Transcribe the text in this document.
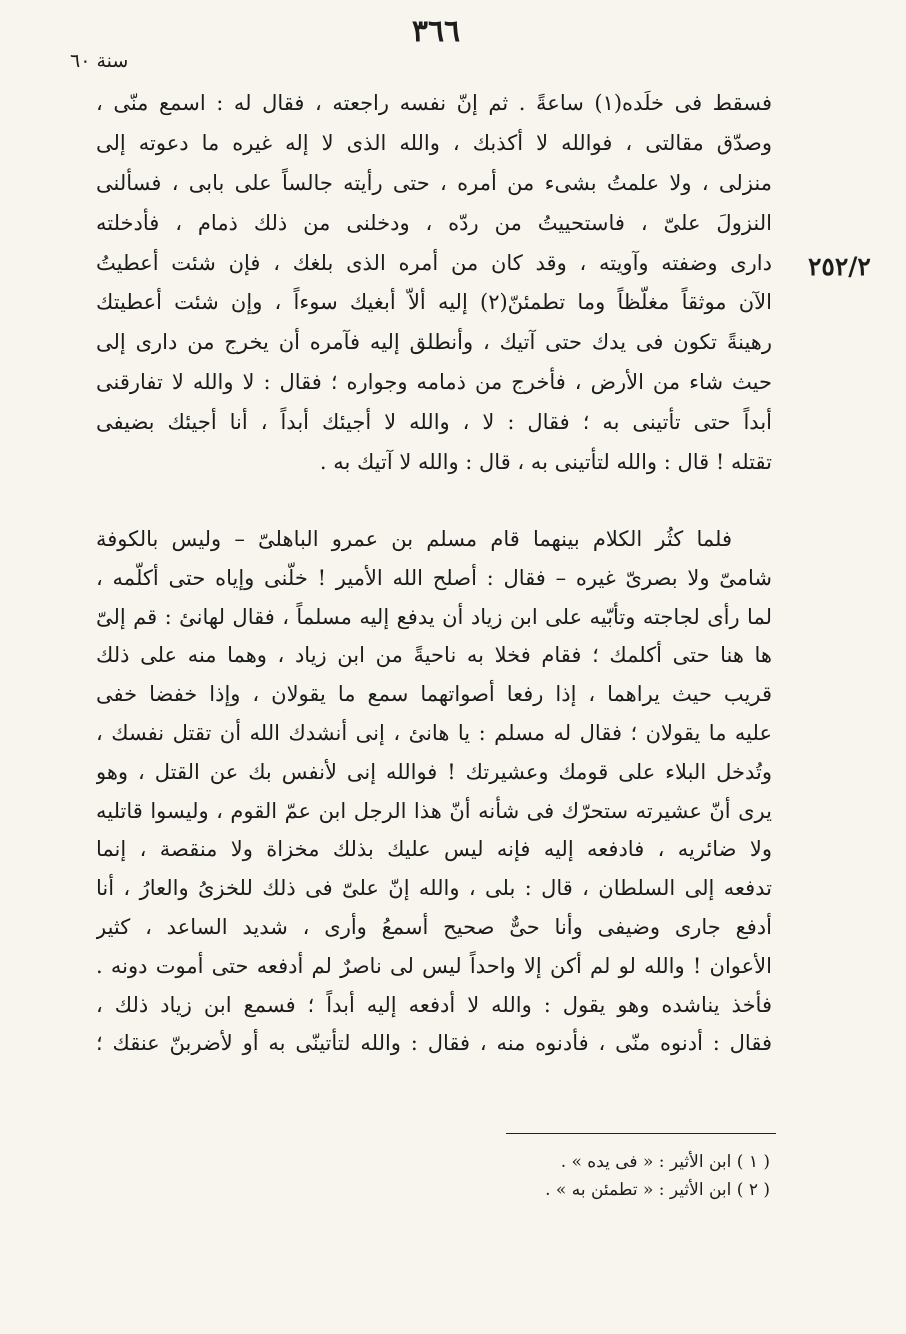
٣٦٦
سنة ٦٠
٢٥٢/٢
فسقط فى خلَده(١) ساعةً . ثم إنّ نفسه راجعته ، فقال له : اسمع منّى ،
وصدّق مقالتى ، فوالله لا أكذبك ، والله الذى لا إله غيره ما دعوته إلى
منزلى ، ولا علمتُ بشىء من أمره ، حتى رأيته جالساً على بابى ، فسألنى
النزولَ علىّ ، فاستحييتُ من ردّه ، ودخلنى من ذلك ذمام ، فأدخلته
دارى وضفته وآويته ، وقد كان من أمره الذى بلغك ، فإن شئت أعطيتُ
الآن موثقاً مغلّظاً وما تطمئنّ(٢) إليه ألاّ أبغيك سوءاً ، وإن شئت أعطيتك
رهينةً تكون فى يدك حتى آتيك ، وأنطلق إليه فآمره أن يخرج من دارى إلى
حيث شاء من الأرض ، فأخرج من ذمامه وجواره ؛ فقال : لا والله لا تفارقنى
أبداً حتى تأتينى به ؛ فقال : لا ، والله لا أجيئك أبداً ، أنا أجيئك بضيفى
تقتله ! قال : والله لتأتينى به ، قال : والله لا آتيك به .
فلما كثُر الكلام بينهما قام مسلم بن عمرو الباهلىّ – وليس بالكوفة
شامىّ ولا بصرىّ غيره – فقال : أصلح الله الأمير ! خلّنى وإياه حتى أكلّمه ،
لما رأى لجاجته وتأبّيه على ابن زياد أن يدفع إليه مسلماً ، فقال لهانئ : قم إلىّ
ها هنا حتى أكلمك ؛ فقام فخلا به ناحيةً من ابن زياد ، وهما منه على ذلك
قريب حيث يراهما ، إذا رفعا أصواتهما سمع ما يقولان ، وإذا خفضا خفى
عليه ما يقولان ؛ فقال له مسلم : يا هانئ ، إنى أنشدك الله أن تقتل نفسك ،
وتُدخل البلاء على قومك وعشيرتك ! فوالله إنى لأنفس بك عن القتل ، وهو
يرى أنّ عشيرته ستحرّك فى شأنه أنّ هذا الرجل ابن عمّ القوم ، وليسوا قاتليه
ولا ضائريه ، فادفعه إليه فإنه ليس عليك بذلك مخزاة ولا منقصة ، إنما
تدفعه إلى السلطان ، قال : بلى ، والله إنّ علىّ فى ذلك للخزىُ والعارُ ، أنا
أدفع جارى وضيفى وأنا حىٌّ صحيح أسمعُ وأرى ، شديد الساعد ، كثير
الأعوان ! والله لو لم أكن إلا واحداً ليس لى ناصرٌ لم أدفعه حتى أموت دونه .
فأخذ يناشده وهو يقول : والله لا أدفعه إليه أبداً ؛ فسمع ابن زياد ذلك ،
فقال : أدنوه منّى ، فأدنوه منه ، فقال : والله لتأتينّى به أو لأضربنّ عنقك ؛
( ١ ) ابن الأثير : « فى يده » .
( ٢ ) ابن الأثير : « تطمئن به » .
